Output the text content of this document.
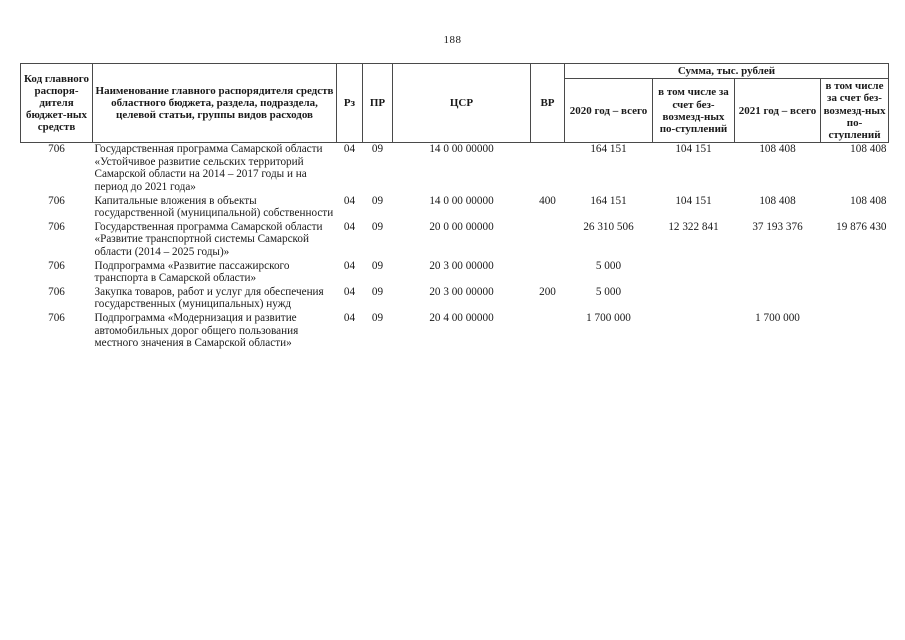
188
Код главного распоря-дителя бюджет-ных средств	Наименование главного распорядителя средств областного бюджета, раздела, подраздела, целевой статьи, группы видов расходов	Рз	ПР	ЦСР	ВР	Сумма, тыс. рублей			
						2020 год – всего	в том числе за счет без-возмезд-ных по-ступлений	2021 год – всего	в том числе за счет без-возмезд-ных по-ступлений
706	Государственная программа Самарской области «Устойчивое развитие сельских территорий Самарской области на 2014 – 2017 годы и на период до 2021 года»	04	09	14 0 00 00000		164 151	104 151	108 408	108 408
706	Капитальные вложения в объекты государственной (муниципальной) собственности	04	09	14 0 00 00000	400	164 151	104 151	108 408	108 408
706	Государственная программа Самарской области «Развитие транспортной системы Самарской области (2014 – 2025 годы)»	04	09	20 0 00 00000		26 310 506	12 322 841	37 193 376	19 876 430
706	Подпрограмма «Развитие пассажирского транспорта в Самарской области»	04	09	20 3 00 00000		5 000			
706	Закупка товаров, работ и услуг для обеспечения государственных (муниципальных) нужд	04	09	20 3 00 00000	200	5 000			
706	Подпрограмма «Модернизация и развитие автомобильных дорог общего пользования местного значения в Самарской области»	04	09	20 4 00 00000		1 700 000		1 700 000	
